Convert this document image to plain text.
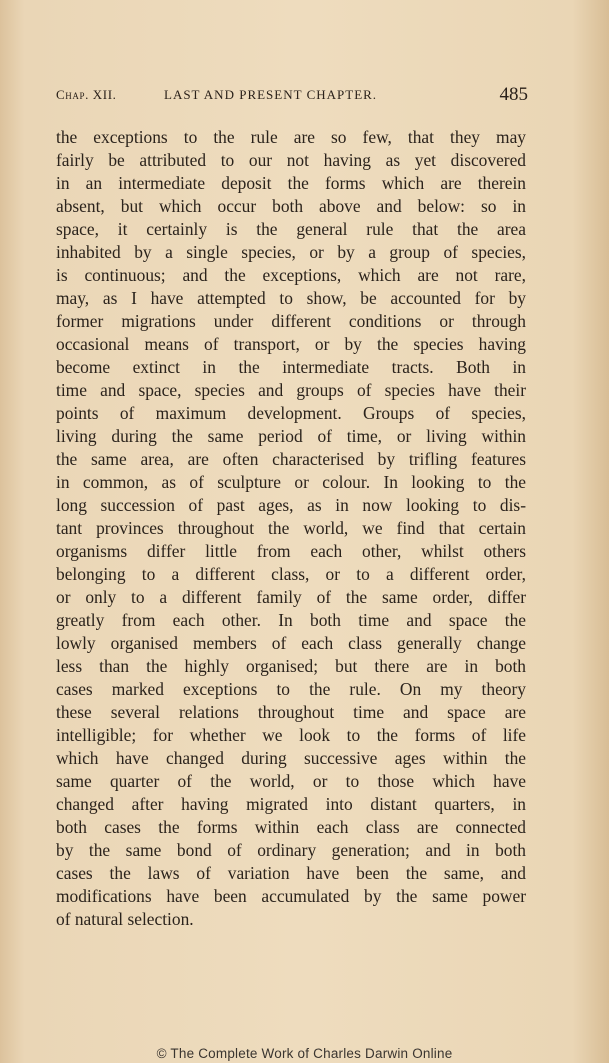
Chap. XII.	LAST AND PRESENT CHAPTER.	485
the exceptions to the rule are so few, that they may
fairly be attributed to our not having as yet discovered
in an intermediate deposit the forms which are therein
absent, but which occur both above and below: so in
space, it certainly is the general rule that the area
inhabited by a single species, or by a group of species,
is continuous; and the exceptions, which are not rare,
may, as I have attempted to show, be accounted for by
former migrations under different conditions or through
occasional means of transport, or by the species having
become extinct in the intermediate tracts. Both in
time and space, species and groups of species have their
points of maximum development. Groups of species,
living during the same period of time, or living within
the same area, are often characterised by trifling features
in common, as of sculpture or colour. In looking to the
long succession of past ages, as in now looking to dis-
tant provinces throughout the world, we find that certain
organisms differ little from each other, whilst others
belonging to a different class, or to a different order,
or only to a different family of the same order, differ
greatly from each other. In both time and space the
lowly organised members of each class generally change
less than the highly organised; but there are in both
cases marked exceptions to the rule. On my theory
these several relations throughout time and space are
intelligible; for whether we look to the forms of life
which have changed during successive ages within the
same quarter of the world, or to those which have
changed after having migrated into distant quarters, in
both cases the forms within each class are connected
by the same bond of ordinary generation; and in both
cases the laws of variation have been the same, and
modifications have been accumulated by the same power
of natural selection.
© The Complete Work of Charles Darwin Online
